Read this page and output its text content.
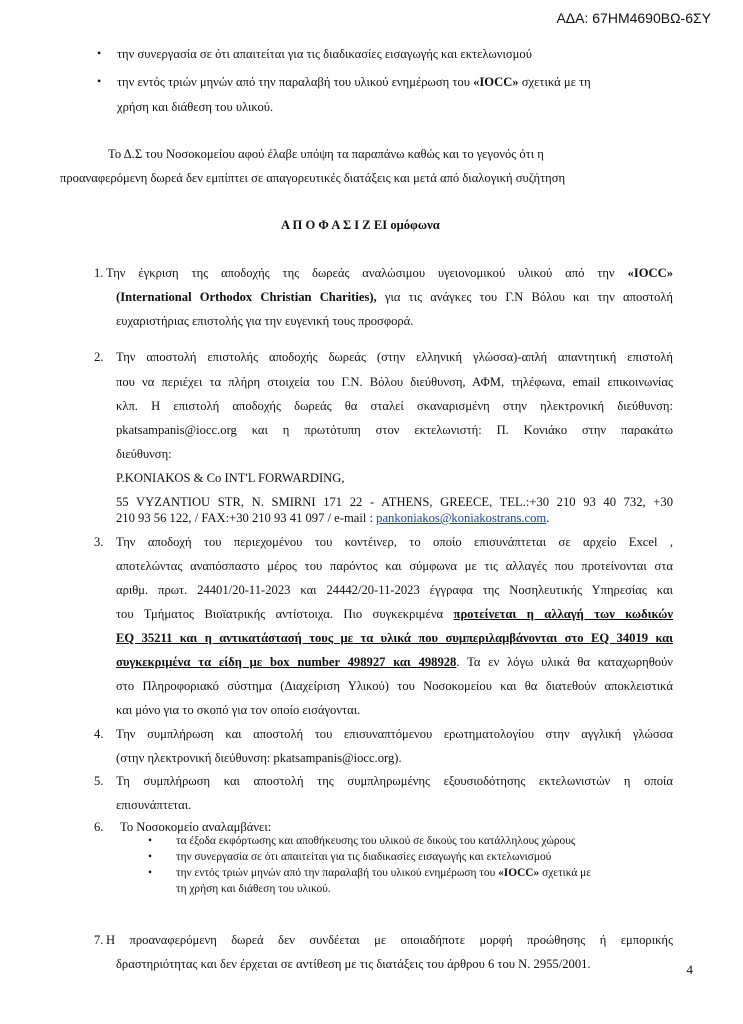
ΑΔΑ: 67ΗΜ4690ΒΩ-6ΣΥ
• την συνεργασία σε ότι απαιτείται για τις διαδικασίες εισαγωγής και εκτελωνισμού
• την εντός τριών μηνών από την παραλαβή του υλικού ενημέρωση του «IOCC» σχετικά με τη
χρήση και διάθεση του υλικού.
Το Δ.Σ του Νοσοκομείου αφού έλαβε υπόψη τα παραπάνω καθώς και το γεγονός ότι η
προαναφερόμενη δωρεά δεν εμπίπτει σε απαγορευτικές διατάξεις και μετά από διαλογική συζήτηση
Α Π Ο Φ Α Σ Ι Ζ ΕΙ ομόφωνα
1. Την έγκριση της αποδοχής της δωρεάς αναλώσιμου υγειονομικού υλικού από την «IOCC»
(International Orthodox Christian Charities), για τις ανάγκες του Γ.Ν Βόλου και την αποστολή
ευχαριστήριας επιστολής για την ευγενική τους προσφορά.
2. Την αποστολή επιστολής αποδοχής δωρεάς (στην ελληνική γλώσσα)-απλή απαντητική επιστολή
που να περιέχει τα πλήρη στοιχεία του Γ.Ν. Βόλου διεύθυνση, ΑΦΜ, τηλέφωνα, email επικοινωνίας
κλπ. Η επιστολή αποδοχής δωρεάς θα σταλεί σκαναρισμένη στην ηλεκτρονική διεύθυνση:
pkatsampanis@iocc.org και η πρωτότυπη στον εκτελωνιστή: Π. Κονιάκο στην παρακάτω
διεύθυνση:
P.KONIAKOS & Co INT'L FORWARDING,
55 VYZANTIOU STR, N. SMIRNI 171 22 - ATHENS, GREECE, TEL.:+30 210 93 40 732, +30
210 93 56 122, / FAX:+30 210 93 41 097 / e-mail : pankoniakos@koniakostrans.com.
3. Την αποδοχή του περιεχομένου του κοντέινερ, το οποίο επισυνάπτεται σε αρχείο Excel ,
αποτελώντας αναπόσπαστο μέρος του παρόντος και σύμφωνα με τις αλλαγές που προτείνονται στα
αριθμ. πρωτ. 24401/20-11-2023 και 24442/20-11-2023 έγγραφα της Νοσηλευτικής Υπηρεσίας και
του Τμήματος Βιοϊατρικής αντίστοιχα. Πιο συγκεκριμένα προτείνεται η αλλαγή των κωδικών
EQ 35211 και η αντικατάστασή τους με τα υλικά που συμπεριλαμβάνονται στο EQ 34019 και
συγκεκριμένα τα είδη με box number 498927 και 498928. Τα εν λόγω υλικά θα καταχωρηθούν
στο Πληροφοριακό σύστημα (Διαχείριση Υλικού) του Νοσοκομείου και θα διατεθούν αποκλειστικά
και μόνο για το σκοπό για τον οποίο εισάγονται.
4. Την συμπλήρωση και αποστολή του επισυναπτόμενου ερωτηματολογίου στην αγγλική γλώσσα
(στην ηλεκτρονική διεύθυνση: pkatsampanis@iocc.org).
5. Τη συμπλήρωση και αποστολή της συμπληρωμένης εξουσιοδότησης εκτελωνιστών η οποία
επισυνάπτεται.
6. Το Νοσοκομείο αναλαμβάνει:
• τα έξοδα εκφόρτωσης και αποθήκευσης του υλικού σε δικούς του κατάλληλους χώρους
• την συνεργασία σε ότι απαιτείται για τις διαδικασίες εισαγωγής και εκτελωνισμού
• την εντός τριών μηνών από την παραλαβή του υλικού ενημέρωση του «IOCC» σχετικά με
τη χρήση και διάθεση του υλικού.
7. Η προαναφερόμενη δωρεά δεν συνδέεται με οποιαδήποτε μορφή προώθησης ή εμπορικής
δραστηριότητας και δεν έρχεται σε αντίθεση με τις διατάξεις του άρθρου 6 του Ν. 2955/2001.	4
